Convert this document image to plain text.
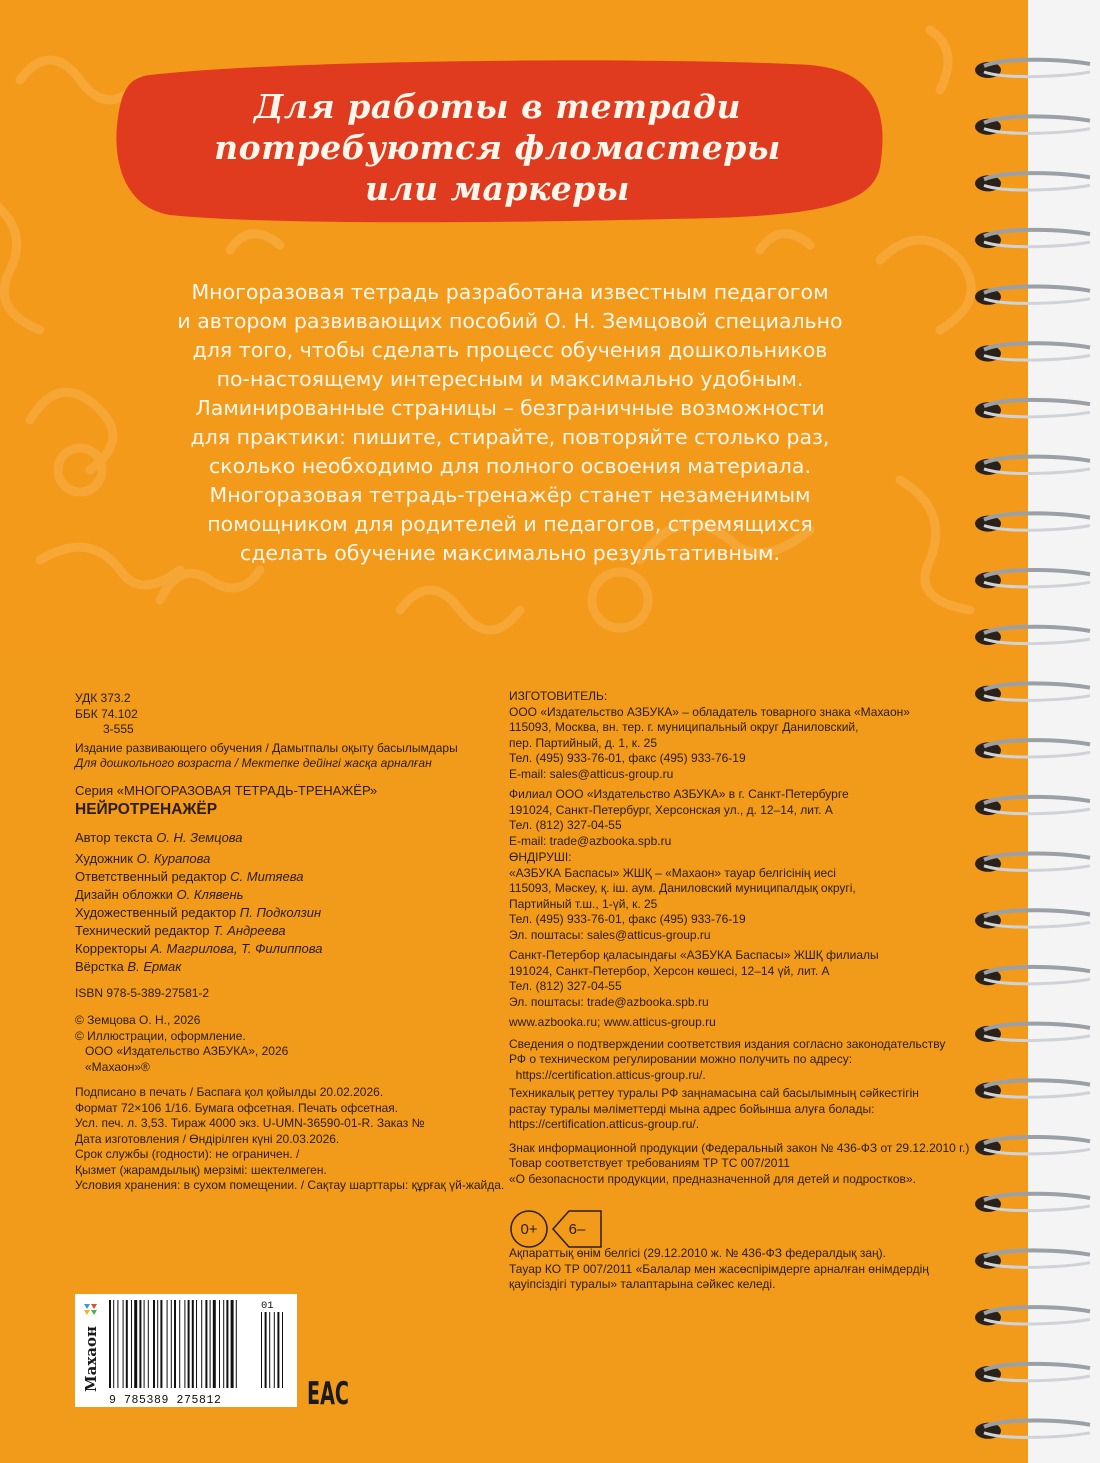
Для работы в тетради
потребуются фломастеры
или маркеры
Многоразовая тетрадь разработана известным педагогом
и автором развивающих пособий О. Н. Земцовой специально
для того, чтобы сделать процесс обучения дошкольников
по-настоящему интересным и максимально удобным.
Ламинированные страницы – безграничные возможности
для практики: пишите, стирайте, повторяйте столько раз,
сколько необходимо для полного освоения материала.
Многоразовая тетрадь-тренажёр станет незаменимым
помощником для родителей и педагогов, стремящихся
сделать обучение максимально результативным.
УДК 373.2
ББК 74.102
3-555
Издание развивающего обучения / Дамытпалы оқыту басылымдары
Для дошкольного возраста / Мектепке дейінгі жасқа арналған
Серия «МНОГОРАЗОВАЯ ТЕТРАДЬ-ТРЕНАЖЁР»
НЕЙРОТРЕНАЖЁР
Автор текста О. Н. Земцова
Художник О. Курапова
Ответственный редактор С. Митяева
Дизайн обложки О. Клявень
Художественный редактор П. Подколзин
Технический редактор Т. Андреева
Корректоры А. Магрилова, Т. Филиппова
Вёрстка В. Ермак
ISBN 978-5-389-27581-2
© Земцова О. Н., 2026
© Иллюстрации, оформление.
ООО «Издательство АЗБУКА», 2026
«Махаон»®
Подписано в печать / Баспаға қол қойылды 20.02.2026.
Формат 72×106 1/16. Бумага офсетная. Печать офсетная.
Усл. печ. л. 3,53. Тираж 4000 экз. U-UMN-36590-01-R. Заказ №
Дата изготовления / Өндірілген күні 20.03.2026.
Срок службы (годности): не ограничен. /
Қызмет (жарамдылық) мерзімі: шектелмеген.
Условия хранения: в сухом помещении. / Сақтау шарттары: құрғақ үй-жайда.
ИЗГОТОВИТЕЛЬ:
ООО «Издательство АЗБУКА» – обладатель товарного знака «Махаон»
115093, Москва, вн. тер. г. муниципальный округ Даниловский,
пер. Партийный, д. 1, к. 25
Тел. (495) 933-76-01, факс (495) 933-76-19
E-mail: sales@atticus-group.ru
Филиал ООО «Издательство АЗБУКА» в г. Санкт-Петербурге
191024, Санкт-Петербург, Херсонская ул., д. 12–14, лит. А
Тел. (812) 327-04-55
E-mail: trade@azbooka.spb.ru
ӨНДІРУШІ:
«АЗБУКА Баспасы» ЖШҚ – «Махаон» тауар белгісінің иесі
115093, Мәскеу, қ. іш. аум. Даниловский муниципалдық округі,
Партийный т.ш., 1-үй, к. 25
Тел. (495) 933-76-01, факс (495) 933-76-19
Эл. поштасы: sales@atticus-group.ru
Санкт-Петербор қаласындағы «АЗБУКА Баспасы» ЖШҚ филиалы
191024, Санкт-Петербор, Херсон көшесі, 12–14 үй, лит. А
Тел. (812) 327-04-55
Эл. поштасы: trade@azbooka.spb.ru
www.azbooka.ru; www.atticus-group.ru
Сведения о подтверждении соответствия издания согласно законодательству
РФ о техническом регулировании можно получить по адресу:
https://certification.atticus-group.ru/.
Техникалық реттеу туралы РФ заңнамасына сай басылымның сәйкестігін
растау туралы мәліметтерді мына адрес бойынша алуға болады:
https://certification.atticus-group.ru/.
Знак информационной продукции (Федеральный закон № 436-ФЗ от 29.12.2010 г.)
Товар соответствует требованиям ТР ТС 007/2011
«О безопасности продукции, предназначенной для детей и подростков».
Ақпараттық өнім белгісі (29.12.2010 ж. № 436-ФЗ федералдық заң).
Тауар КО ТР 007/2011 «Балалар мен жасөспірімдерге арналған өнімдердің
қауіпсіздігі туралы» талаптарына сәйкес келеді.
0+ 6–
9 785389 275812
01
Махаон
EAC
